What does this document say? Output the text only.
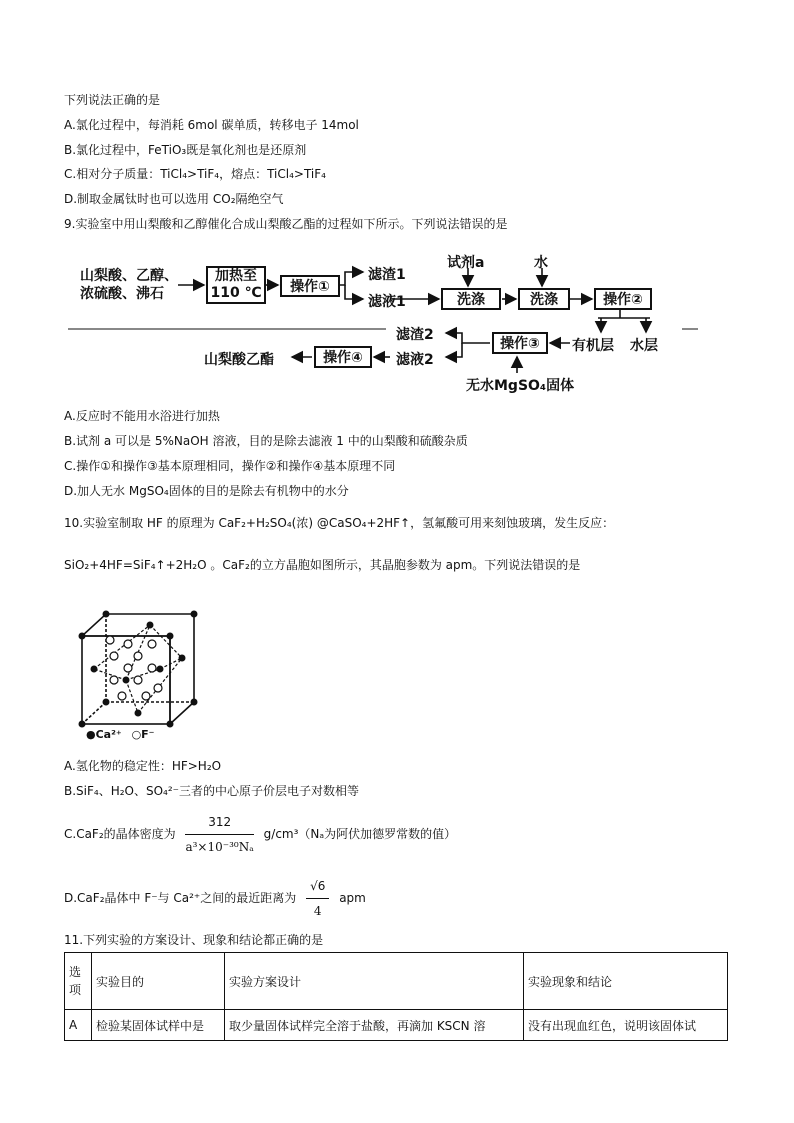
下列说法正确的是
A.氯化过程中，每消耗 6mol 碳单质，转移电子 14mol
B.氯化过程中，FeTiO₃既是氧化剂也是还原剂
C.相对分子质量：TiCl₄>TiF₄，熔点：TiCl₄>TiF₄
D.制取金属钛时也可以选用 CO₂隔绝空气
9.实验室中用山梨酸和乙醇催化合成山梨酸乙酯的过程如下所示。下列说法错误的是
山梨酸、乙醇、
浓硫酸、沸石
加热至
110 ℃	操作①
滤渣1
滤液1
试剂a
洗涤
水
洗涤	操作②
有机层 水层
操作③
无水MgSO₄固体
滤渣2
滤液2
操作④
山梨酸乙酯
A.反应时不能用水浴进行加热
B.试剂 a 可以是 5%NaOH 溶液，目的是除去滤液 1 中的山梨酸和硫酸杂质
C.操作①和操作③基本原理相同，操作②和操作④基本原理不同
D.加人无水 MgSO₄固体的目的是除去有机物中的水分
10.实验室制取 HF 的原理为 CaF₂+H₂SO₄(浓) @CaSO₄+2HF↑，氢氟酸可用来刻蚀玻璃，发生反应：
SiO₂+4HF=SiF₄↑+2H₂O 。CaF₂的立方晶胞如图所示，其晶胞参数为 apm。下列说法错误的是
●Ca²⁺ ○F⁻
A.氢化物的稳定性：HF>H₂O
B.SiF₄、H₂O、SO₄²⁻三者的中心原子价层电子对数相等
C.CaF₂的晶体密度为 $\frac{312}{\text{a³×10⁻³⁰Nₐ}} g/cm^3(N_a$为阿伏加德罗常数的值）
D.CaF₂晶体中 F⁻与 Ca²⁺之间的最近距离为 $\frac{√6}{4}$ apm
11.下列实验的方案设计、现象和结论都正确的是
选项	实验目的	实验方案设计	实验现象和结论
A	检验某固体试样中是	取少量固体试样完全溶于盐酸，再滴加 KSCN 溶	没有出现血红色，说明该固体试
